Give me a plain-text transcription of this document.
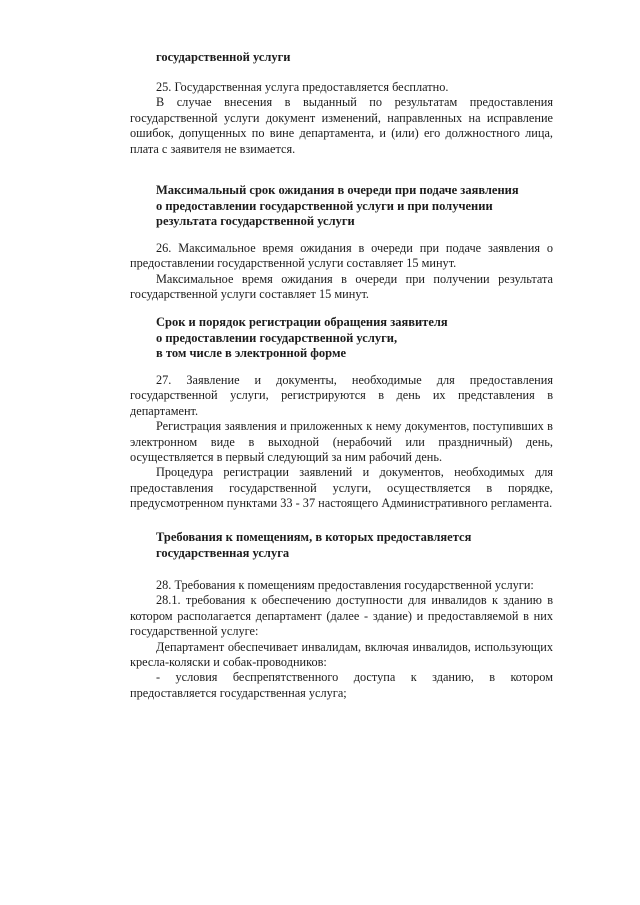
государственной услуги

25. Государственная услуга предоставляется бесплатно.

В случае внесения в выданный по результатам предоставления государственной услуги документ изменений, направленных на исправление ошибок, допущенных по вине департамента, и (или) его должностного лица, плата с заявителя не взимается.

Максимальный срок ожидания в очереди при подаче заявления

о предоставлении государственной услуги и при получении

результата государственной услуги

26. Максимальное время ожидания в очереди при подаче заявления о предоставлении государственной услуги составляет 15 минут.

Максимальное время ожидания в очереди при получении результата государственной услуги составляет 15 минут.

Срок и порядок регистрации обращения заявителя

о предоставлении государственной услуги,

в том числе в электронной форме

27. Заявление и документы, необходимые для предоставления государственной услуги, регистрируются в день их представления в департамент.

Регистрация заявления и приложенных к нему документов, поступивших в электронном виде в выходной (нерабочий или праздничный) день, осуществляется в первый следующий за ним рабочий день.

Процедура регистрации заявлений и документов, необходимых для предоставления государственной услуги, осуществляется в порядке, предусмотренном пунктами 33 - 37 настоящего Административного регламента.

Требования к помещениям, в которых предоставляется

государственная услуга

28. Требования к помещениям предоставления государственной услуги:

28.1. требования к обеспечению доступности для инвалидов к зданию в котором располагается департамент (далее - здание) и предоставляемой в них государственной услуге:

Департамент обеспечивает инвалидам, включая инвалидов, использующих кресла-коляски и собак-проводников:

- условия беспрепятственного доступа к зданию, в котором предоставляется государственная услуга;
